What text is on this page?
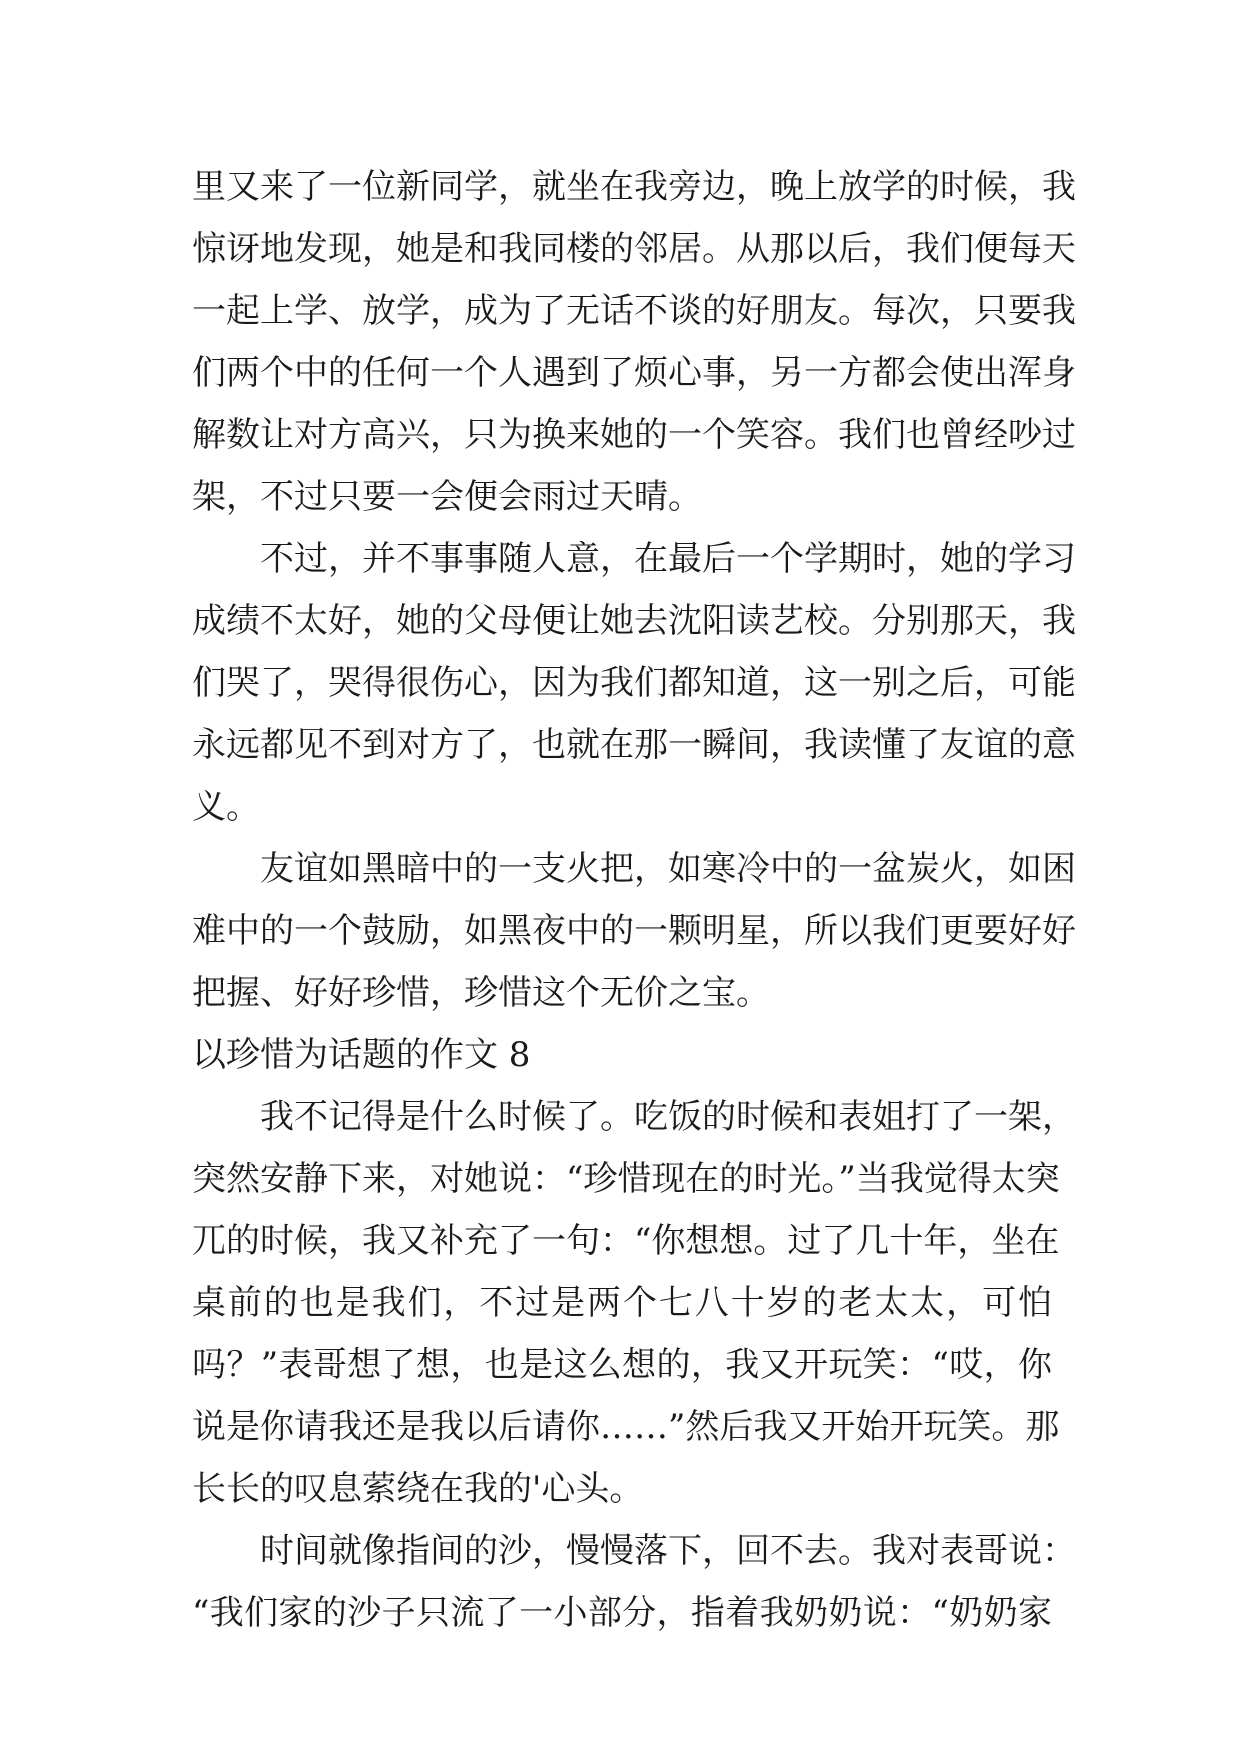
里又来了一位新同学，就坐在我旁边，晚上放学的时候，我
惊讶地发现，她是和我同楼的邻居。从那以后，我们便每天
一起上学、放学，成为了无话不谈的好朋友。每次，只要我
们两个中的任何一个人遇到了烦心事，另一方都会使出浑身
解数让对方高兴，只为换来她的一个笑容。我们也曾经吵过
架，不过只要一会便会雨过天晴。
　　不过，并不事事随人意，在最后一个学期时，她的学习
成绩不太好，她的父母便让她去沈阳读艺校。分别那天，我
们哭了，哭得很伤心，因为我们都知道，这一别之后，可能
永远都见不到对方了，也就在那一瞬间，我读懂了友谊的意
义。
　　友谊如黑暗中的一支火把，如寒冷中的一盆炭火，如困
难中的一个鼓励，如黑夜中的一颗明星，所以我们更要好好
把握、好好珍惜，珍惜这个无价之宝。
以珍惜为话题的作文 8
　　我不记得是什么时候了。吃饭的时候和表姐打了一架，
突然安静下来，对她说：“珍惜现在的时光。”当我觉得太突
兀的时候，我又补充了一句：“你想想。过了几十年，坐在
桌前的也是我们，不过是两个七八十岁的老太太，可怕
吗？”表哥想了想，也是这么想的，我又开玩笑：“哎，你
说是你请我还是我以后请你……”然后我又开始开玩笑。那
长长的叹息萦绕在我的'心头。
　　时间就像指间的沙，慢慢落下，回不去。我对表哥说：
“我们家的沙子只流了一小部分，指着我奶奶说：“奶奶家
